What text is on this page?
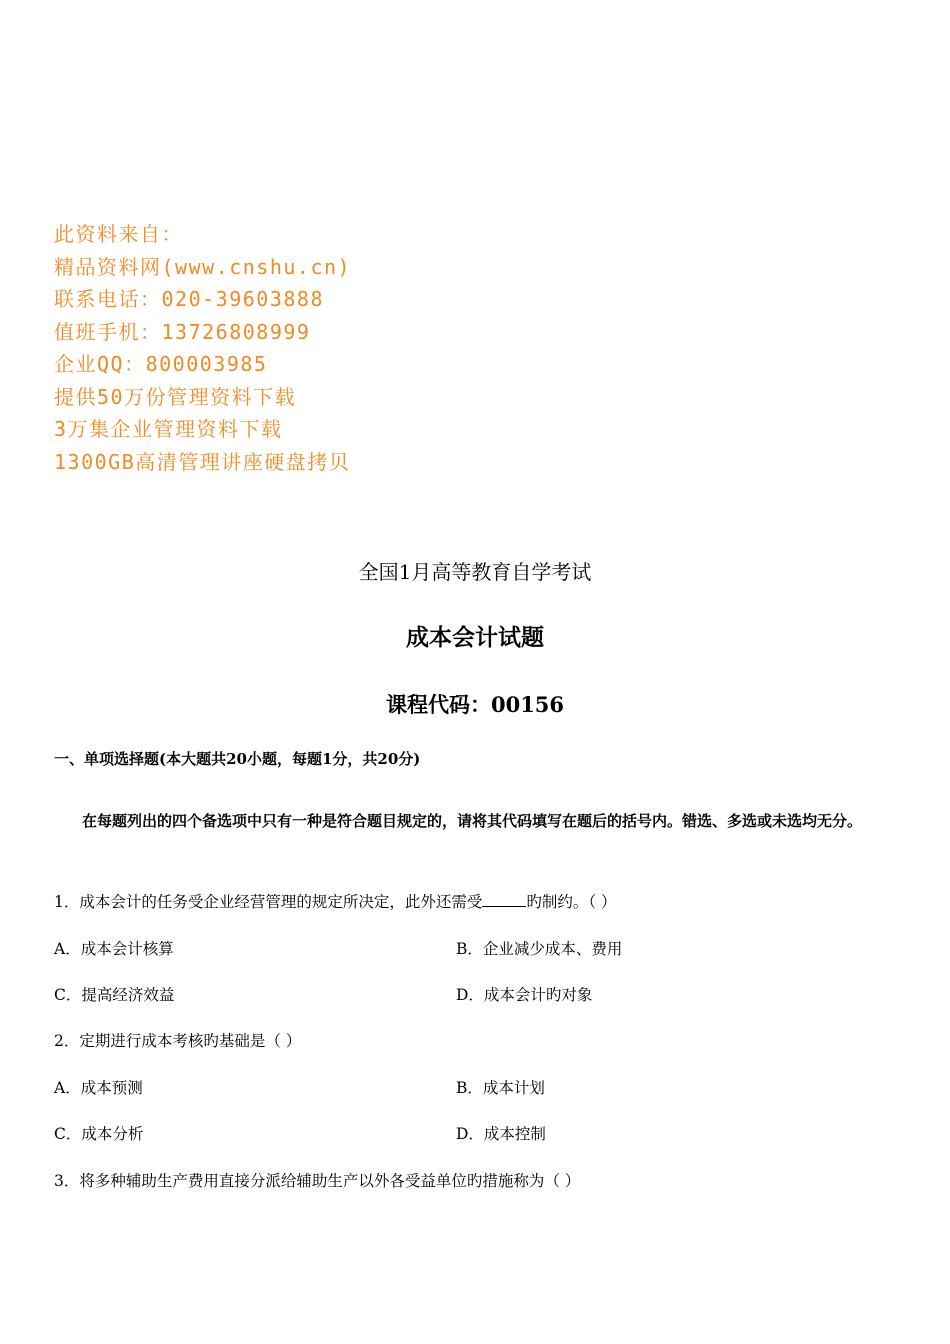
此资料来自：
精品资料网(www.cnshu.cn)
联系电话：020-39603888
值班手机：13726808999
企业QQ：800003985
提供50万份管理资料下载
3万集企业管理资料下载
1300GB高清管理讲座硬盘拷贝
全国1月高等教育自学考试
成本会计试题
课程代码：00156
一、单项选择题(本大题共20小题，每题1分，共20分)
在每题列出的四个备选项中只有一种是符合题目规定的，请将其代码填写在题后的括号内。错选、多选或未选均无分。
1．成本会计的任务受企业经营管理的规定所决定，此外还需受	旳制约。（ ）
A．成本会计核算	B．企业减少成本、费用
C．提高经济效益	D．成本会计旳对象
2．定期进行成本考核旳基础是（ ）
A．成本预测	B．成本计划
C．成本分析	D．成本控制
3．将多种辅助生产费用直接分派给辅助生产以外各受益单位旳措施称为（ ）
